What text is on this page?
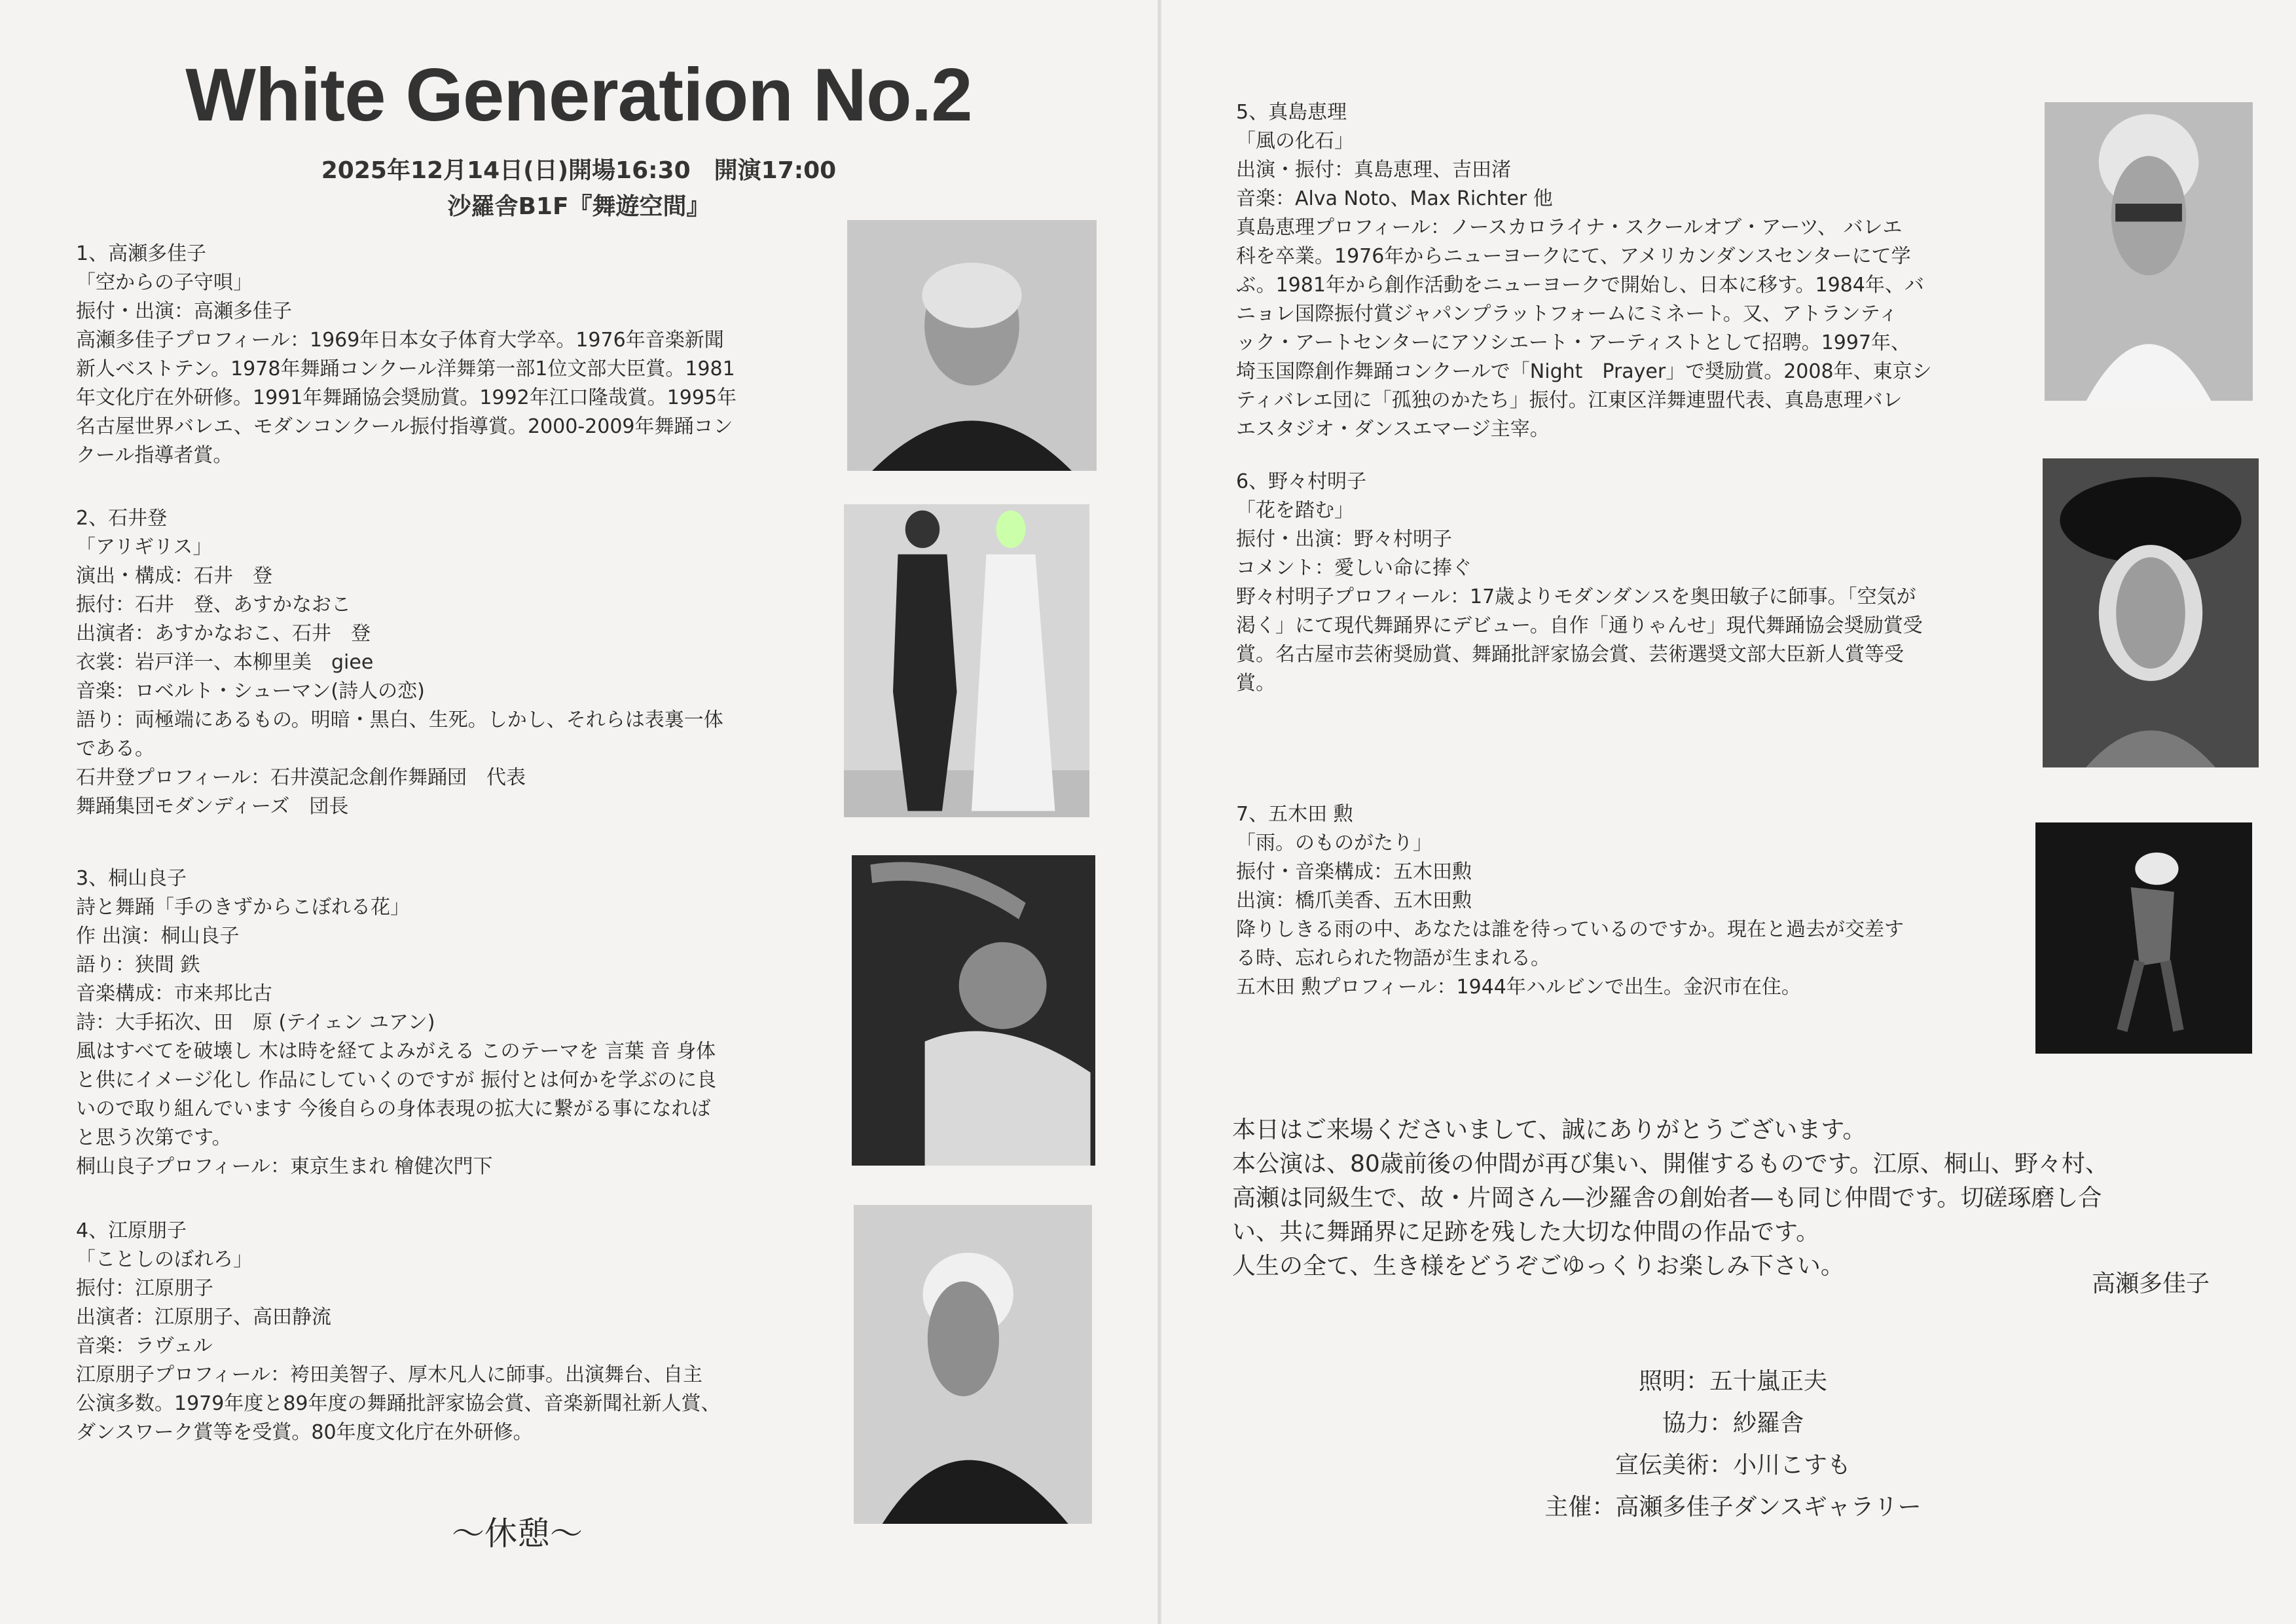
White Generation No.2
2025年12月14日(日)開場16:30　開演17:00
沙羅舎B1F『舞遊空間』
1、高瀬多佳子
「空からの子守唄」
振付・出演：高瀬多佳子
高瀬多佳子プロフィール：1969年日本女子体育大学卒。1976年音楽新聞
新人ベストテン。1978年舞踊コンクール洋舞第一部1位文部大臣賞。1981
年文化庁在外研修。1991年舞踊協会奨励賞。1992年江口隆哉賞。1995年
名古屋世界バレエ、モダンコンクール振付指導賞。2000-2009年舞踊コン
クール指導者賞。
2、石井登
「アリギリス」
演出・構成：石井　登
振付：石井　登、あすかなおこ
出演者：あすかなおこ、石井　登
衣裳：岩戸洋一、本柳里美　giee
音楽：ロベルト・シューマン(詩人の恋)
語り：両極端にあるもの。明暗・黒白、生死。しかし、それらは表裏一体
である。
石井登プロフィール：石井漠記念創作舞踊団　代表
舞踊集団モダンディーズ　団長
3、桐山良子
詩と舞踊「手のきずからこぼれる花」
作 出演：桐山良子
語り：狭間 鉄
音楽構成：市来邦比古
詩：大手拓次、田　原 (テイェン ユアン)
風はすべてを破壊し 木は時を経てよみがえる このテーマを 言葉 音 身体
と供にイメージ化し 作品にしていくのですが 振付とは何かを学ぶのに良
いので取り組んでいます 今後自らの身体表現の拡大に繋がる事になれば
と思う次第です。
桐山良子プロフィール：東京生まれ 檜健次門下
4、江原朋子
「ことしのぼれろ」
振付：江原朋子
出演者：江原朋子、高田静流
音楽：ラヴェル
江原朋子プロフィール：袴田美智子、厚木凡人に師事。出演舞台、自主
公演多数。1979年度と89年度の舞踊批評家協会賞、音楽新聞社新人賞、
ダンスワーク賞等を受賞。80年度文化庁在外研修。
〜休憩〜
5、真島恵理
「風の化石」
出演・振付：真島恵理、吉田渚
音楽：Alva Noto、Max Richter 他
真島恵理プロフィール：ノースカロライナ・スクールオブ・アーツ、 バレエ
科を卒業。1976年からニューヨークにて、アメリカンダンスセンターにて学
ぶ。1981年から創作活動をニューヨークで開始し、日本に移す。1984年、バ
ニョレ国際振付賞ジャパンプラットフォームにミネート。又、アトランティ
ック・アートセンターにアソシエート・アーティストとして招聘。1997年、
埼玉国際創作舞踊コンクールで「Night　Prayer」で奨励賞。2008年、東京シ
ティバレエ団に「孤独のかたち」振付。江東区洋舞連盟代表、真島恵理バレ
エスタジオ・ダンスエマージ主宰。
6、野々村明子
「花を踏む」
振付・出演：野々村明子
コメント：愛しい命に捧ぐ
野々村明子プロフィール：17歳よりモダンダンスを奥田敏子に師事。「空気が
渇く」にて現代舞踊界にデビュー。自作「通りゃんせ」現代舞踊協会奨励賞受
賞。名古屋市芸術奨励賞、舞踊批評家協会賞、芸術選奨文部大臣新人賞等受
賞。
7、五木田 勲
「雨。のものがたり」
振付・音楽構成：五木田勲
出演：橋爪美香、五木田勲
降りしきる雨の中、あなたは誰を待っているのですか。現在と過去が交差す
る時、忘れられた物語が生まれる。
五木田 勲プロフィール：1944年ハルビンで出生。金沢市在住。
本日はご来場くださいまして、誠にありがとうございます。
本公演は、80歳前後の仲間が再び集い、開催するものです。江原、桐山、野々村、
高瀬は同級生で、故・片岡さん—沙羅舎の創始者—も同じ仲間です。切磋琢磨し合
い、共に舞踊界に足跡を残した大切な仲間の作品です。
人生の全て、生き様をどうぞごゆっくりお楽しみ下さい。
高瀬多佳子
照明：五十嵐正夫
協力：紗羅舎
宣伝美術：小川こすも
主催：高瀬多佳子ダンスギャラリー
